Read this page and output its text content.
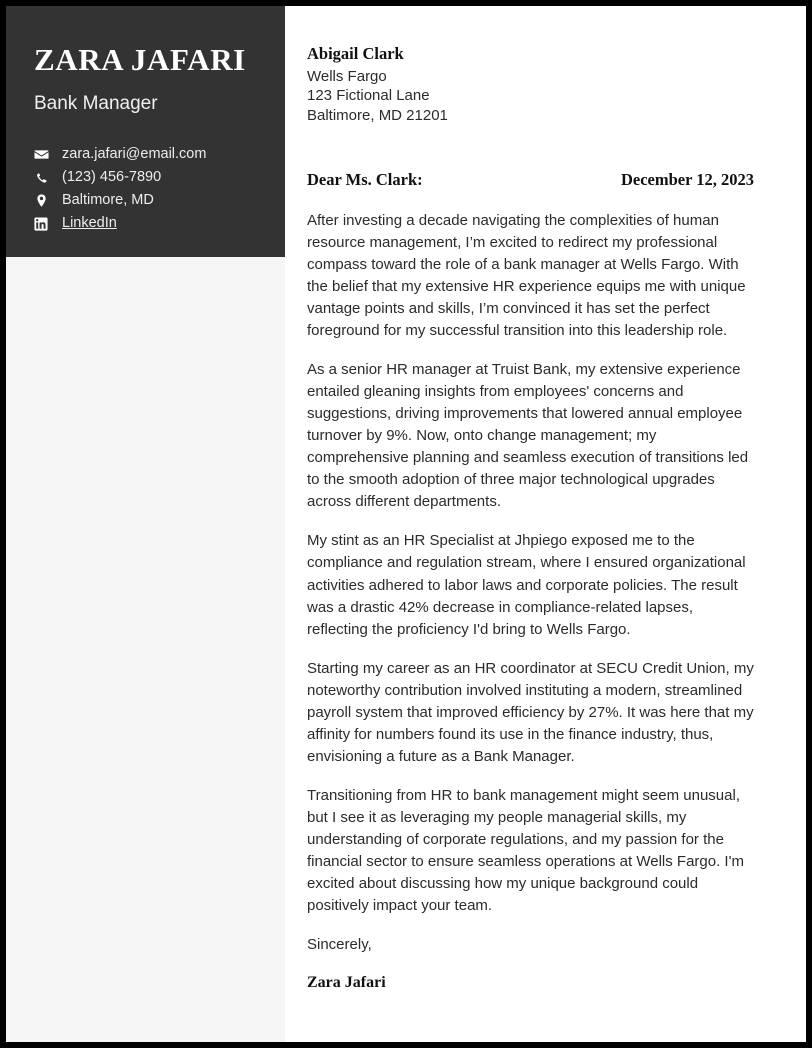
ZARA JAFARI
Bank Manager
zara.jafari@email.com
(123) 456-7890
Baltimore, MD
LinkedIn
Abigail Clark
Wells Fargo
123 Fictional Lane
Baltimore, MD 21201
Dear Ms. Clark:	December 12, 2023

After investing a decade navigating the complexities of human resource management, I’m excited to redirect my professional compass toward the role of a bank manager at Wells Fargo. With the belief that my extensive HR experience equips me with unique vantage points and skills, I’m convinced it has set the perfect foreground for my successful transition into this leadership role.

As a senior HR manager at Truist Bank, my extensive experience entailed gleaning insights from employees' concerns and suggestions, driving improvements that lowered annual employee turnover by 9%. Now, onto change management; my comprehensive planning and seamless execution of transitions led to the smooth adoption of three major technological upgrades across different departments.

My stint as an HR Specialist at Jhpiego exposed me to the compliance and regulation stream, where I ensured organizational activities adhered to labor laws and corporate policies. The result was a drastic 42% decrease in compliance-related lapses, reflecting the proficiency I'd bring to Wells Fargo.

Starting my career as an HR coordinator at SECU Credit Union, my noteworthy contribution involved instituting a modern, streamlined payroll system that improved efficiency by 27%. It was here that my affinity for numbers found its use in the finance industry, thus, envisioning a future as a Bank Manager.

Transitioning from HR to bank management might seem unusual, but I see it as leveraging my people managerial skills, my understanding of corporate regulations, and my passion for the financial sector to ensure seamless operations at Wells Fargo. I'm excited about discussing how my unique background could positively impact your team.

Sincerely,
Zara Jafari
